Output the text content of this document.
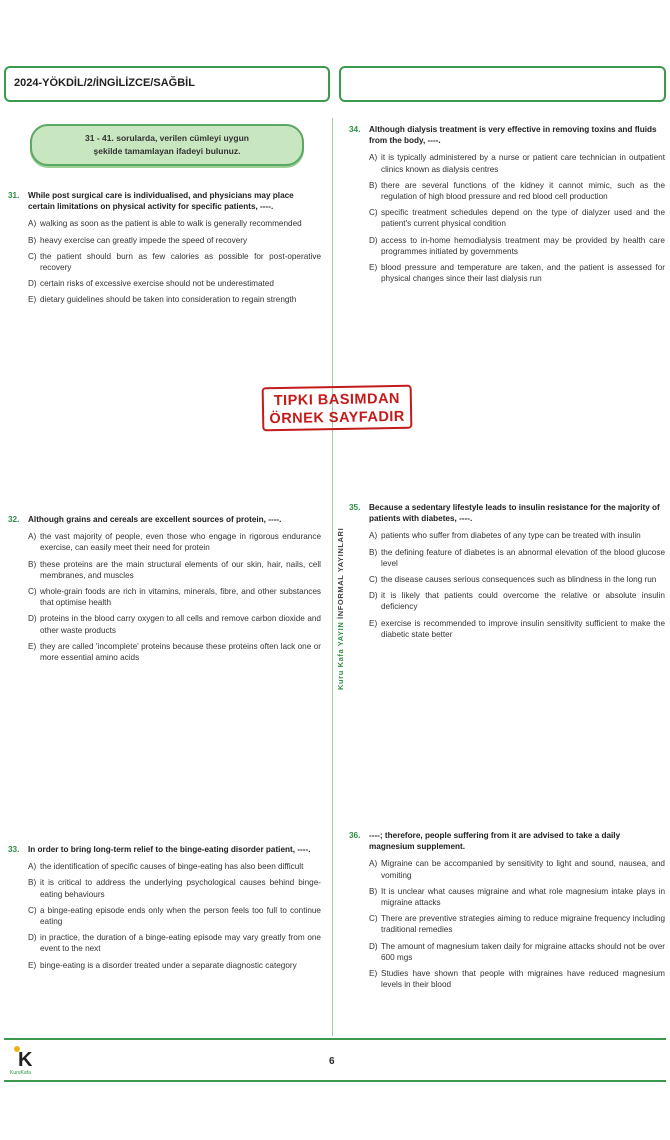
2024-YÖKDİL/2/İNGİLİZCE/SAĞBİL
31 - 41. sorularda, verilen cümleyi uygun
şekilde tamamlayan ifadeyi bulunuz.
31.	While post surgical care is individualised, and physicians may place certain limitations on physical activity for specific patients, ----.
A) walking as soon as the patient is able to walk is generally recommended
B) heavy exercise can greatly impede the speed of recovery
C) the patient should burn as few calories as possible for post-operative recovery
D) certain risks of excessive exercise should not be underestimated
E) dietary guidelines should be taken into consideration to regain strength
32.	Although grains and cereals are excellent sources of protein, ----.
A) the vast majority of people, even those who engage in rigorous endurance exercise, can easily meet their need for protein
B) these proteins are the main structural elements of our skin, hair, nails, cell membranes, and muscles
C) whole-grain foods are rich in vitamins, minerals, fibre, and other substances that optimise health
D) proteins in the blood carry oxygen to all cells and remove carbon dioxide and other waste products
E) they are called 'incomplete' proteins because these proteins often lack one or more essential amino acids
33.	In order to bring long-term relief to the binge-eating disorder patient, ----.
A) the identification of specific causes of binge-eating has also been difficult
B) it is critical to address the underlying psychological causes behind binge-eating behaviours
C) a binge-eating episode ends only when the person feels too full to continue eating
D) in practice, the duration of a binge-eating episode may vary greatly from one event to the next
E) binge-eating is a disorder treated under a separate diagnostic category
34.	Although dialysis treatment is very effective in removing toxins and fluids from the body, ----.
A) it is typically administered by a nurse or patient care technician in outpatient clinics known as dialysis centres
B) there are several functions of the kidney it cannot mimic, such as the regulation of high blood pressure and red blood cell production
C) specific treatment schedules depend on the type of dialyzer used and the patient's current physical condition
D) access to in-home hemodialysis treatment may be provided by health care programmes initiated by governments
E) blood pressure and temperature are taken, and the patient is assessed for physical changes since their last dialysis run
35.	Because a sedentary lifestyle leads to insulin resistance for the majority of patients with diabetes, ----.
A) patients who suffer from diabetes of any type can be treated with insulin
B) the defining feature of diabetes is an abnormal elevation of the blood glucose level
C) the disease causes serious consequences such as blindness in the long run
D) it is likely that patients could overcome the relative or absolute insulin deficiency
E) exercise is recommended to improve insulin sensitivity sufficient to make the diabetic state better
36.	----; therefore, people suffering from it are advised to take a daily magnesium supplement.
A) Migraine can be accompanied by sensitivity to light and sound, nausea, and vomiting
B) It is unclear what causes migraine and what role magnesium intake plays in migraine attacks
C) There are preventive strategies aiming to reduce migraine frequency including traditional remedies
D) The amount of magnesium taken daily for migraine attacks should not be over 600 mgs
E) Studies have shown that people with migraines have reduced magnesium levels in their blood
TIPKI BASIMDAN
ÖRNEK SAYFADIR
Kuru Kafa YAYIN İNFORMAL YAYINLARI
K
KuruKafa
6
